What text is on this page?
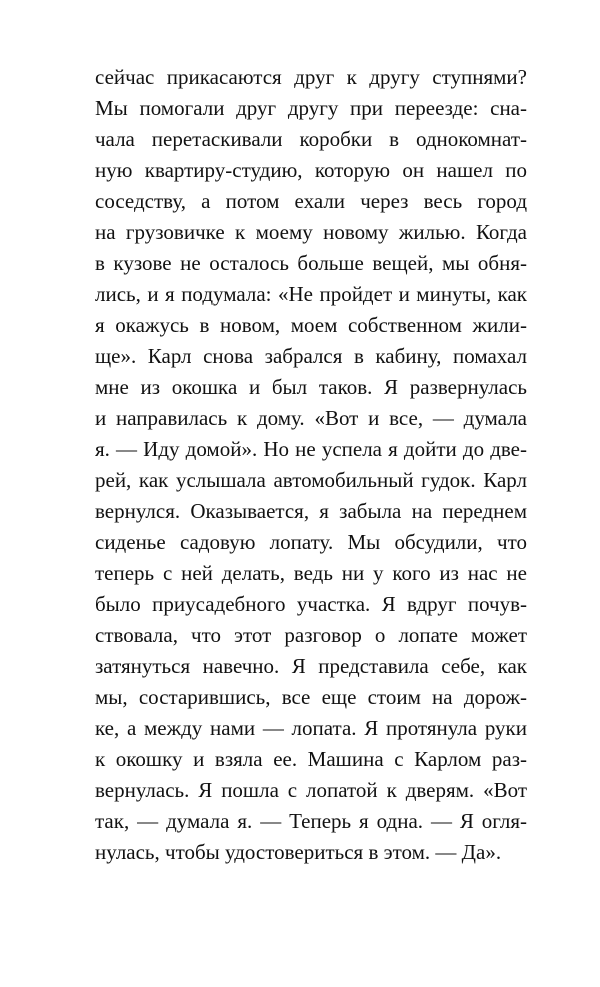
сейчас прикасаются друг к другу ступнями?
Мы помогали друг другу при переезде: сна-
чала перетаскивали коробки в однокомнат-
ную квартиру-студию, которую он нашел по
соседству, а потом ехали через весь город
на грузовичке к моему новому жилью. Когда
в кузове не осталось больше вещей, мы обня-
лись, и я подумала: «Не пройдет и минуты, как
я окажусь в новом, моем собственном жили-
ще». Карл снова забрался в кабину, помахал
мне из окошка и был таков. Я развернулась
и направилась к дому. «Вот и все, — думала
я. — Иду домой». Но не успела я дойти до две-
рей, как услышала автомобильный гудок. Карл
вернулся. Оказывается, я забыла на переднем
сиденье садовую лопату. Мы обсудили, что
теперь с ней делать, ведь ни у кого из нас не
было приусадебного участка. Я вдруг почув-
ствовала, что этот разговор о лопате может
затянуться навечно. Я представила себе, как
мы, состарившись, все еще стоим на дорож-
ке, а между нами — лопата. Я протянула руки
к окошку и взяла ее. Машина с Карлом раз-
вернулась. Я пошла с лопатой к дверям. «Вот
так, — думала я. — Теперь я одна. — Я огля-
нулась, чтобы удостовериться в этом. — Да».
